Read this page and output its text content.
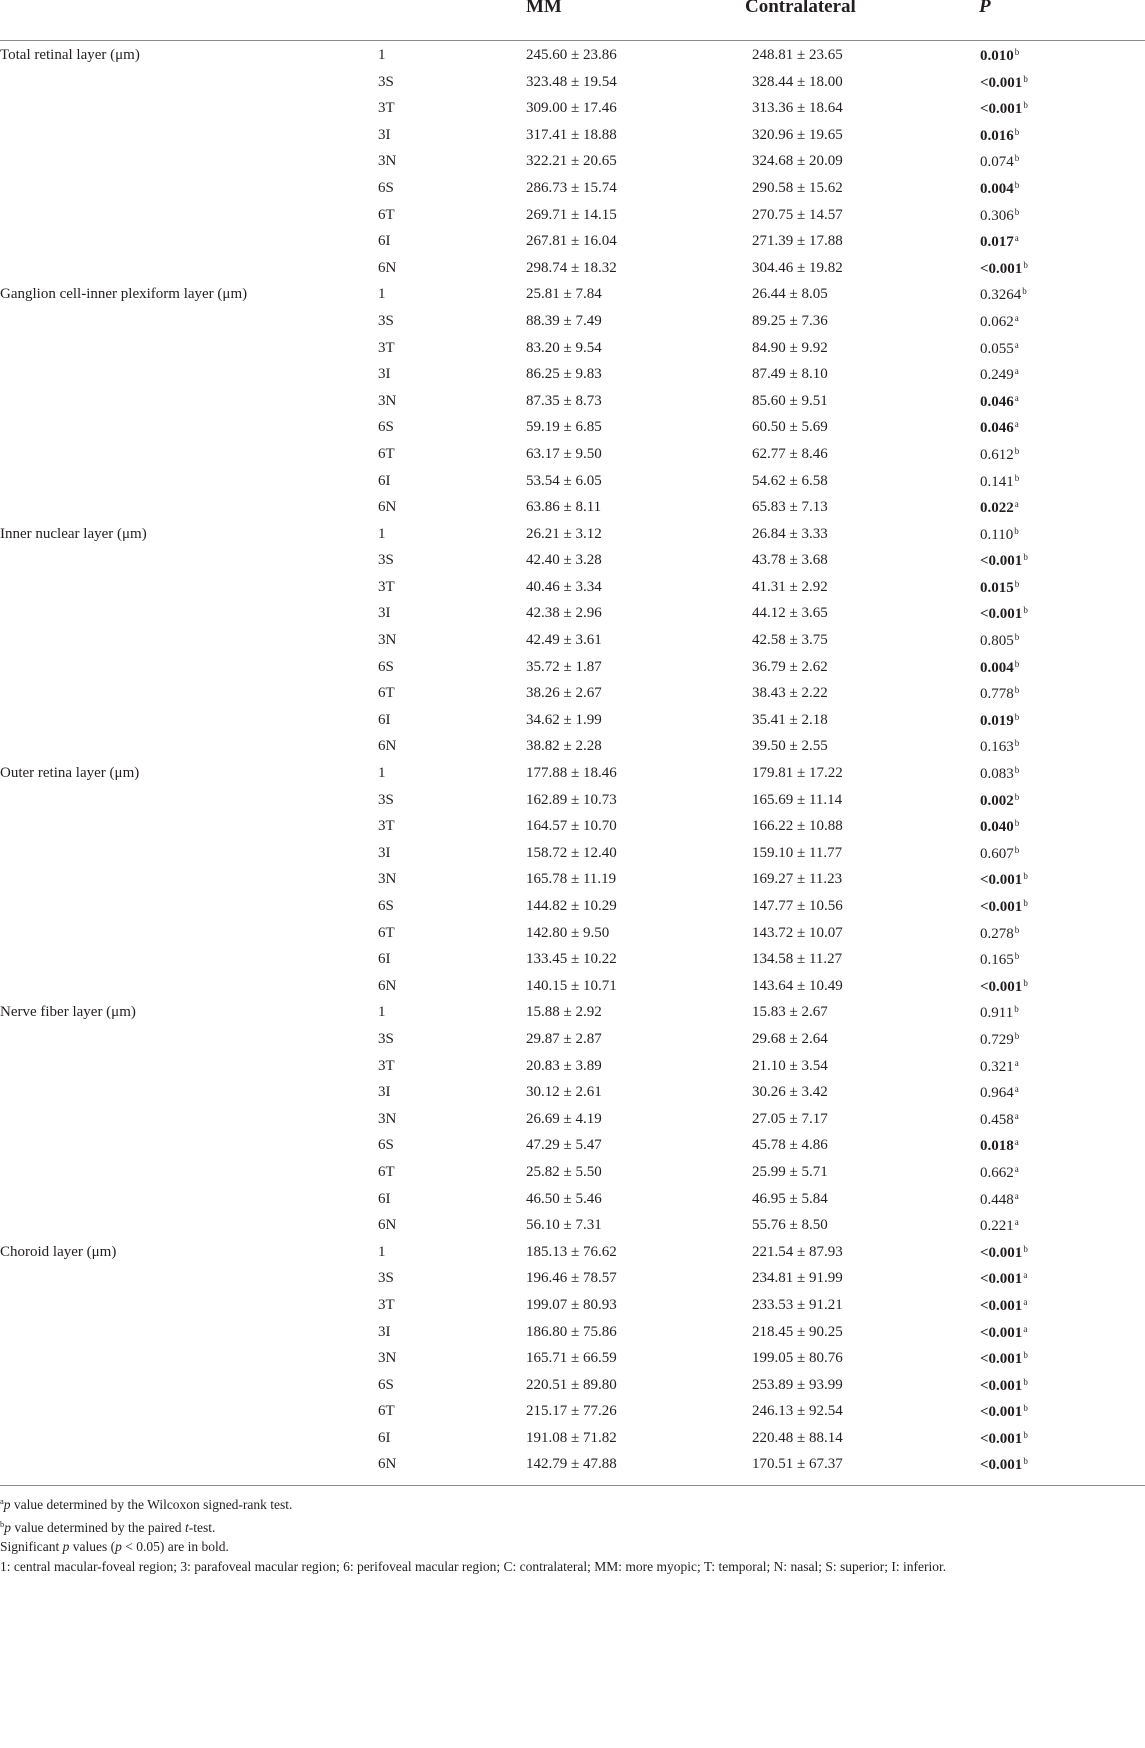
MM	Contralateral	P
Total retinal layer (μm)	1	245.60 ± 23.86	248.81 ± 23.65	0.010$^b$
3S	323.48 ± 19.54	328.44 ± 18.00	<0.001$^b$
3T	309.00 ± 17.46	313.36 ± 18.64	<0.001$^b$
3I	317.41 ± 18.88	320.96 ± 19.65	0.016$^b$
3N	322.21 ± 20.65	324.68 ± 20.09	0.074$^b$
6S	286.73 ± 15.74	290.58 ± 15.62	0.004$^b$
6T	269.71 ± 14.15	270.75 ± 14.57	0.306$^b$
6I	267.81 ± 16.04	271.39 ± 17.88	0.017$^a$
6N	298.74 ± 18.32	304.46 ± 19.82	<0.001$^b$
Ganglion cell-inner plexiform layer (μm)	1	25.81 ± 7.84	26.44 ± 8.05	0.3264$^b$
3S	88.39 ± 7.49	89.25 ± 7.36	0.062$^a$
3T	83.20 ± 9.54	84.90 ± 9.92	0.055$^a$
3I	86.25 ± 9.83	87.49 ± 8.10	0.249$^a$
3N	87.35 ± 8.73	85.60 ± 9.51	0.046$^a$
6S	59.19 ± 6.85	60.50 ± 5.69	0.046$^a$
6T	63.17 ± 9.50	62.77 ± 8.46	0.612$^b$
6I	53.54 ± 6.05	54.62 ± 6.58	0.141$^b$
6N	63.86 ± 8.11	65.83 ± 7.13	0.022$^a$
Inner nuclear layer (μm)	1	26.21 ± 3.12	26.84 ± 3.33	0.110$^b$
3S	42.40 ± 3.28	43.78 ± 3.68	<0.001$^b$
3T	40.46 ± 3.34	41.31 ± 2.92	0.015$^b$
3I	42.38 ± 2.96	44.12 ± 3.65	<0.001$^b$
3N	42.49 ± 3.61	42.58 ± 3.75	0.805$^b$
6S	35.72 ± 1.87	36.79 ± 2.62	0.004$^b$
6T	38.26 ± 2.67	38.43 ± 2.22	0.778$^b$
6I	34.62 ± 1.99	35.41 ± 2.18	0.019$^b$
6N	38.82 ± 2.28	39.50 ± 2.55	0.163$^b$
Outer retina layer (μm)	1	177.88 ± 18.46	179.81 ± 17.22	0.083$^b$
3S	162.89 ± 10.73	165.69 ± 11.14	0.002$^b$
3T	164.57 ± 10.70	166.22 ± 10.88	0.040$^b$
3I	158.72 ± 12.40	159.10 ± 11.77	0.607$^b$
3N	165.78 ± 11.19	169.27 ± 11.23	<0.001$^b$
6S	144.82 ± 10.29	147.77 ± 10.56	<0.001$^b$
6T	142.80 ± 9.50	143.72 ± 10.07	0.278$^b$
6I	133.45 ± 10.22	134.58 ± 11.27	0.165$^b$
6N	140.15 ± 10.71	143.64 ± 10.49	<0.001$^b$
Nerve fiber layer (μm)	1	15.88 ± 2.92	15.83 ± 2.67	0.911$^b$
3S	29.87 ± 2.87	29.68 ± 2.64	0.729$^b$
3T	20.83 ± 3.89	21.10 ± 3.54	0.321$^a$
3I	30.12 ± 2.61	30.26 ± 3.42	0.964$^a$
3N	26.69 ± 4.19	27.05 ± 7.17	0.458$^a$
6S	47.29 ± 5.47	45.78 ± 4.86	0.018$^a$
6T	25.82 ± 5.50	25.99 ± 5.71	0.662$^a$
6I	46.50 ± 5.46	46.95 ± 5.84	0.448$^a$
6N	56.10 ± 7.31	55.76 ± 8.50	0.221$^a$
Choroid layer (μm)	1	185.13 ± 76.62	221.54 ± 87.93	<0.001$^b$
3S	196.46 ± 78.57	234.81 ± 91.99	<0.001$^a$
3T	199.07 ± 80.93	233.53 ± 91.21	<0.001$^a$
3I	186.80 ± 75.86	218.45 ± 90.25	<0.001$^a$
3N	165.71 ± 66.59	199.05 ± 80.76	<0.001$^b$
6S	220.51 ± 89.80	253.89 ± 93.99	<0.001$^b$
6T	215.17 ± 77.26	246.13 ± 92.54	<0.001$^b$
6I	191.08 ± 71.82	220.48 ± 88.14	<0.001$^b$
6N	142.79 ± 47.88	170.51 ± 67.37	<0.001$^b$
$^a$p value determined by the Wilcoxon signed-rank test.
$^b$p value determined by the paired t-test.
Significant p values (p < 0.05) are in bold.
1: central macular-foveal region; 3: parafoveal macular region; 6: perifoveal macular region; C: contralateral; MM: more myopic; T: temporal; N: nasal; S: superior; I: inferior.
